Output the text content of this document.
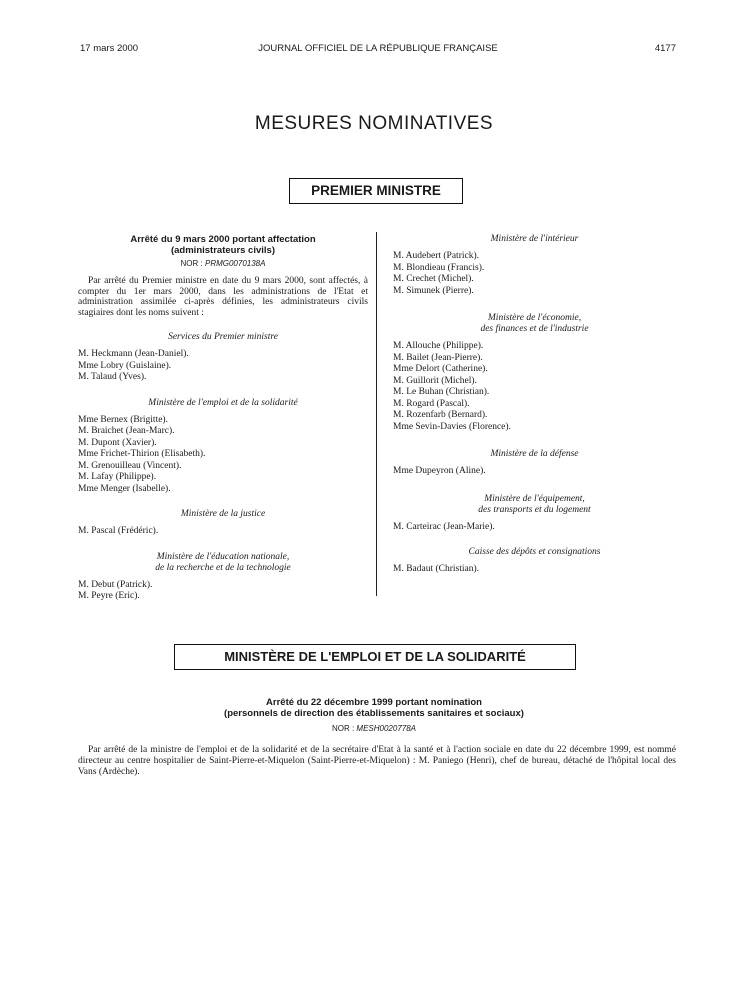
17 mars 2000	JOURNAL OFFICIEL DE LA RÉPUBLIQUE FRANÇAISE	4177
MESURES NOMINATIVES
PREMIER MINISTRE
Arrêté du 9 mars 2000 portant affectation
(administrateurs civils)
NOR : PRMG0070138A
Par arrêté du Premier ministre en date du 9 mars 2000, sont affectés, à compter du 1er mars 2000, dans les administrations de l'Etat et administration assimilée ci-après définies, les administrateurs civils stagiaires dont les noms suivent :
Services du Premier ministre
M. Heckmann (Jean-Daniel).
Mme Lobry (Guislaine).
M. Talaud (Yves).
Ministère de l'emploi et de la solidarité
Mme Bernex (Brigitte).
M. Braichet (Jean-Marc).
M. Dupont (Xavier).
Mme Frichet-Thirion (Elisabeth).
M. Grenouilleau (Vincent).
M. Lafay (Philippe).
Mme Menger (Isabelle).
Ministère de la justice
M. Pascal (Frédéric).
Ministère de l'éducation nationale,
de la recherche et de la technologie
M. Debut (Patrick).
M. Peyre (Eric).
Ministère de l'intérieur
M. Audebert (Patrick).
M. Blondieau (Francis).
M. Crechet (Michel).
M. Simunek (Pierre).
Ministère de l'économie,
des finances et de l'industrie
M. Allouche (Philippe).
M. Bailet (Jean-Pierre).
Mme Delort (Catherine).
M. Guillorit (Michel).
M. Le Buhan (Christian).
M. Rogard (Pascal).
M. Rozenfarb (Bernard).
Mme Sevin-Davies (Florence).
Ministère de la défense
Mme Dupeyron (Aline).
Ministère de l'équipement,
des transports et du logement
M. Carteirac (Jean-Marie).
Caisse des dépôts et consignations
M. Badaut (Christian).
MINISTÈRE DE L'EMPLOI ET DE LA SOLIDARITÉ
Arrêté du 22 décembre 1999 portant nomination
(personnels de direction des établissements sanitaires et sociaux)
NOR : MESH0020778A
Par arrêté de la ministre de l'emploi et de la solidarité et de la secrétaire d'Etat à la santé et à l'action sociale en date du 22 décembre 1999, est nommé directeur au centre hospitalier de Saint-Pierre-et-Miquelon (Saint-Pierre-et-Miquelon) : M. Paniego (Henri), chef de bureau, détaché de l'hôpital local des Vans (Ardèche).
